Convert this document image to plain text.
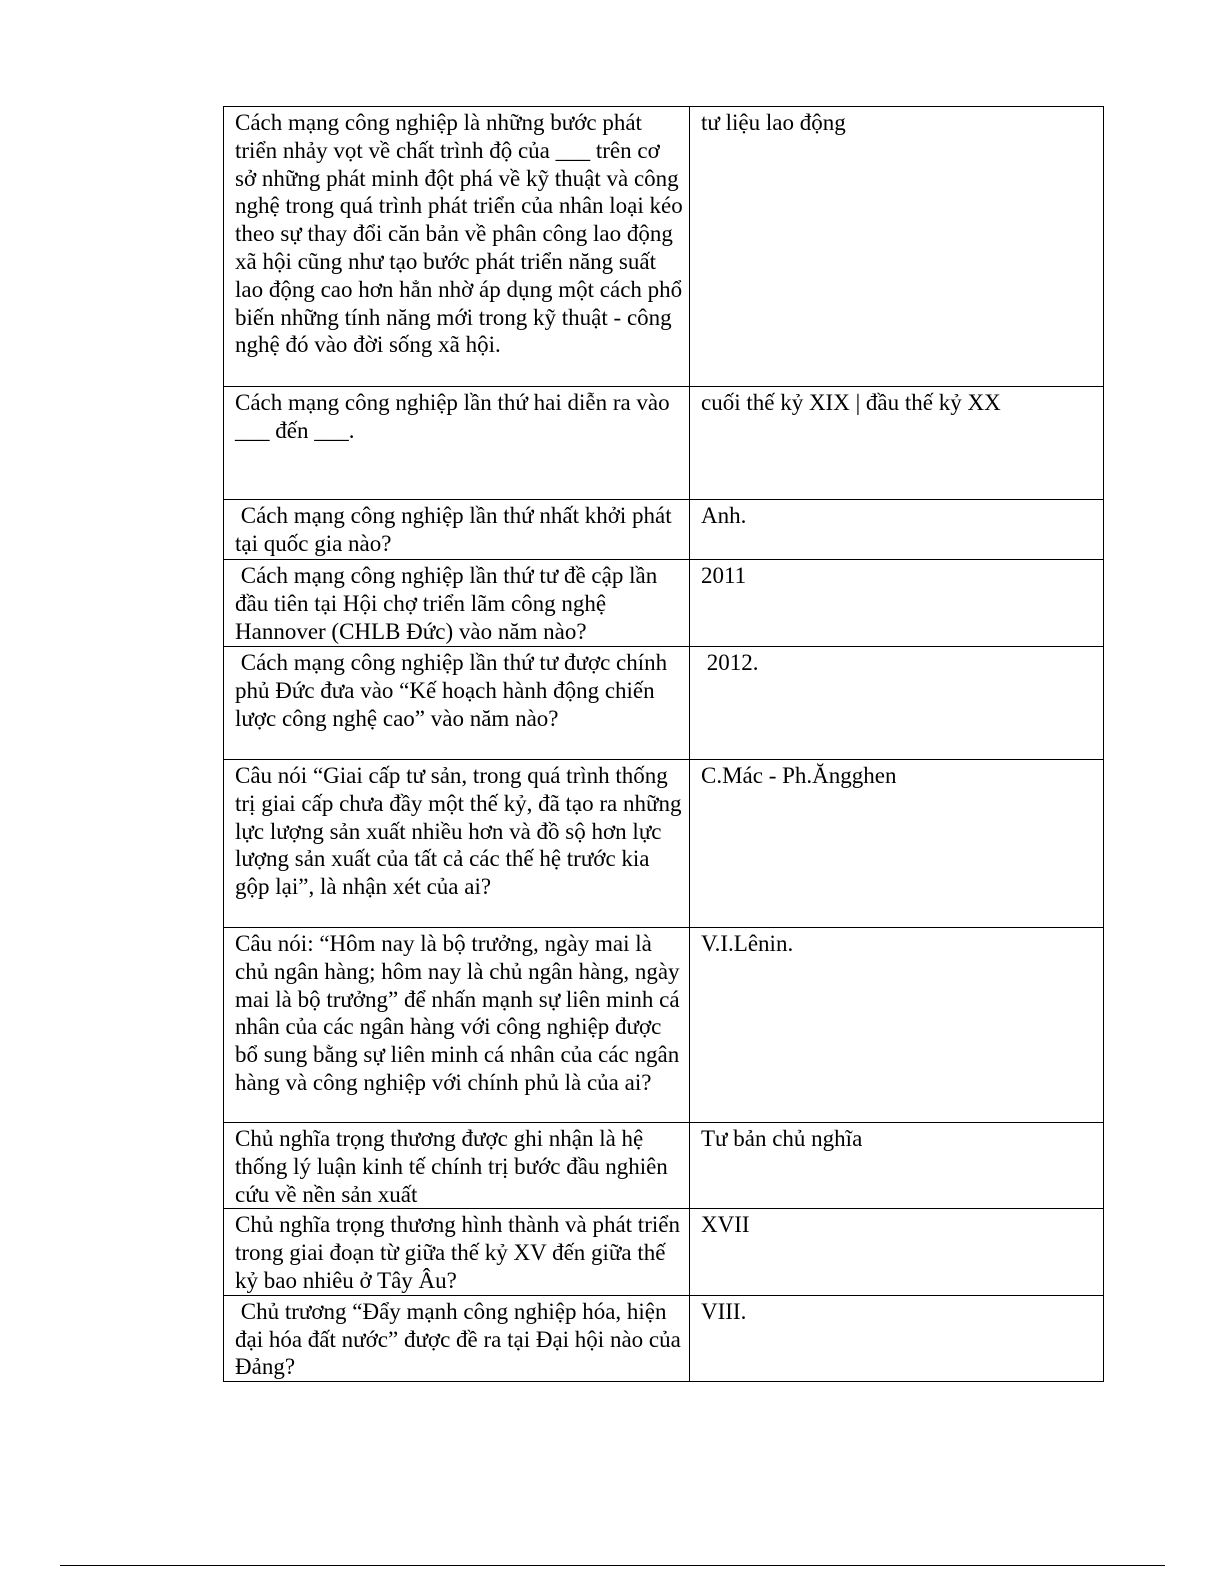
Cách mạng công nghiệp là những bước phát triển nhảy vọt về chất trình độ của ___ trên cơ sở những phát minh đột phá về kỹ thuật và công nghệ trong quá trình phát triển của nhân loại kéo theo sự thay đổi căn bản về phân công lao động xã hội cũng như tạo bước phát triển năng suất lao động cao hơn hẳn nhờ áp dụng một cách phổ biến những tính năng mới trong kỹ thuật - công nghệ đó vào đời sống xã hội.	tư liệu lao động
Cách mạng công nghiệp lần thứ hai diễn ra vào ___ đến ___.	cuối thế kỷ XIX | đầu thế kỷ XX
Cách mạng công nghiệp lần thứ nhất khởi phát tại quốc gia nào?	Anh.
Cách mạng công nghiệp lần thứ tư đề cập lần đầu tiên tại Hội chợ triển lãm công nghệ Hannover (CHLB Đức) vào năm nào?	2011
Cách mạng công nghiệp lần thứ tư được chính phủ Đức đưa vào “Kế hoạch hành động chiến lược công nghệ cao” vào năm nào?	2012.
Câu nói “Giai cấp tư sản, trong quá trình thống trị giai cấp chưa đầy một thế kỷ, đã tạo ra những lực lượng sản xuất nhiều hơn và đồ sộ hơn lực lượng sản xuất của tất cả các thế hệ trước kia gộp lại”, là nhận xét của ai?	C.Mác - Ph.Ăngghen
Câu nói: “Hôm nay là bộ trưởng, ngày mai là chủ ngân hàng; hôm nay là chủ ngân hàng, ngày mai là bộ trưởng” để nhấn mạnh sự liên minh cá nhân của các ngân hàng với công nghiệp được bổ sung bằng sự liên minh cá nhân của các ngân hàng và công nghiệp với chính phủ là của ai?	V.I.Lênin.
Chủ nghĩa trọng thương được ghi nhận là hệ thống lý luận kinh tế chính trị bước đầu nghiên cứu về nền sản xuất	Tư bản chủ nghĩa
Chủ nghĩa trọng thương hình thành và phát triển trong giai đoạn từ giữa thế kỷ XV đến giữa thế kỷ bao nhiêu ở Tây Âu?	XVII
Chủ trương “Đẩy mạnh công nghiệp hóa, hiện đại hóa đất nước” được đề ra tại Đại hội nào của Đảng?	VIII.
